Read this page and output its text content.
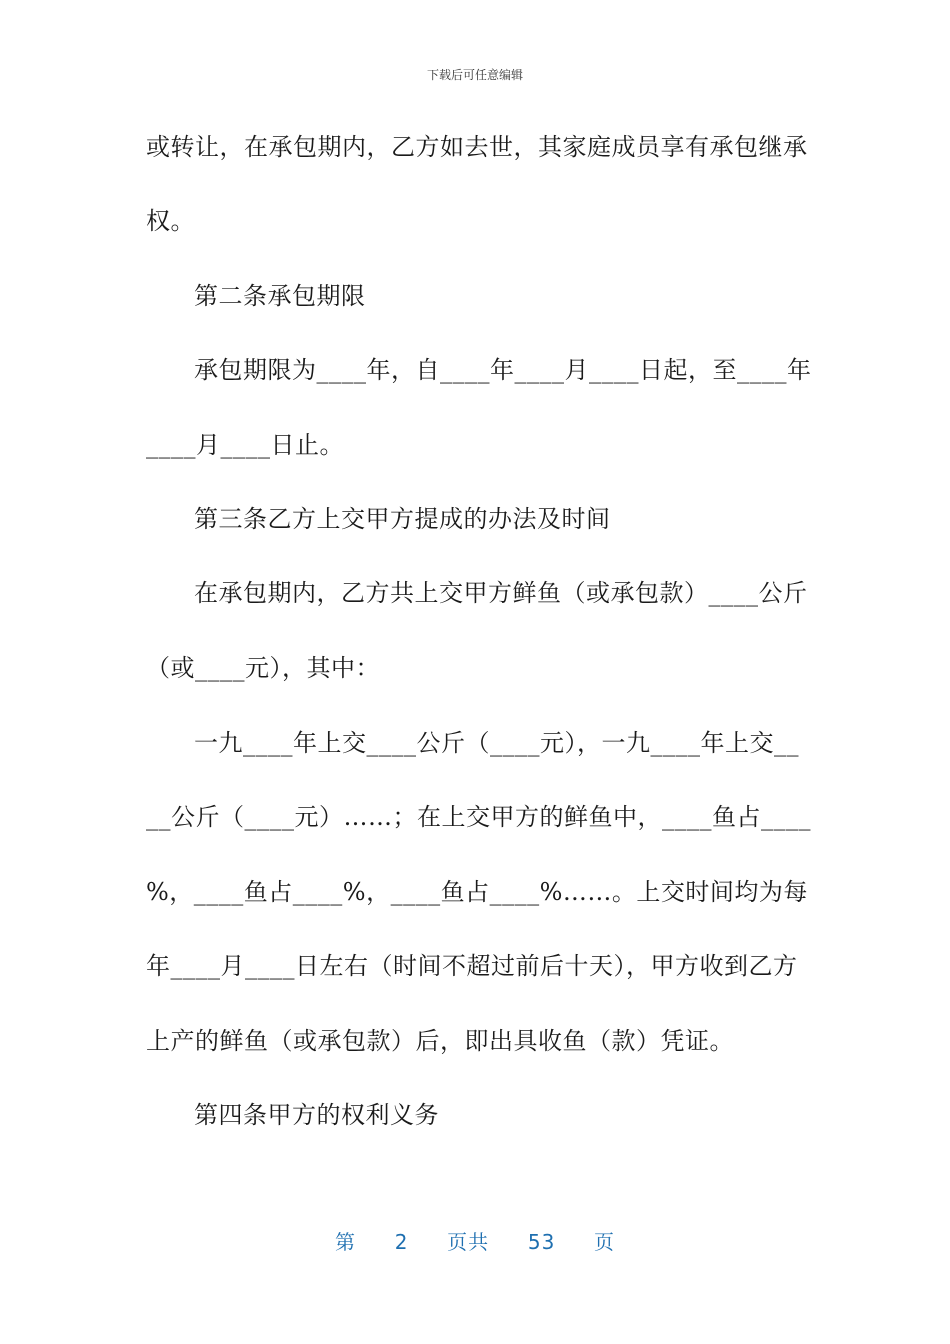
下载后可任意编辑
或转让，在承包期内，乙方如去世，其家庭成员享有承包继承
权。
第二条承包期限
承包期限为____年，自____年____月____日起，至____年
____月____日止。
第三条乙方上交甲方提成的办法及时间
在承包期内，乙方共上交甲方鲜鱼（或承包款）____公斤
（或____元），其中：
一九____年上交____公斤（____元），一九____年上交__
__公斤（____元）……；在上交甲方的鲜鱼中，____鱼占____
%，____鱼占____%，____鱼占____%……。上交时间均为每
年____月____日左右（时间不超过前后十天），甲方收到乙方
上产的鲜鱼（或承包款）后，即出具收鱼（款）凭证。
第四条甲方的权利义务
第 2 页共 53 页
